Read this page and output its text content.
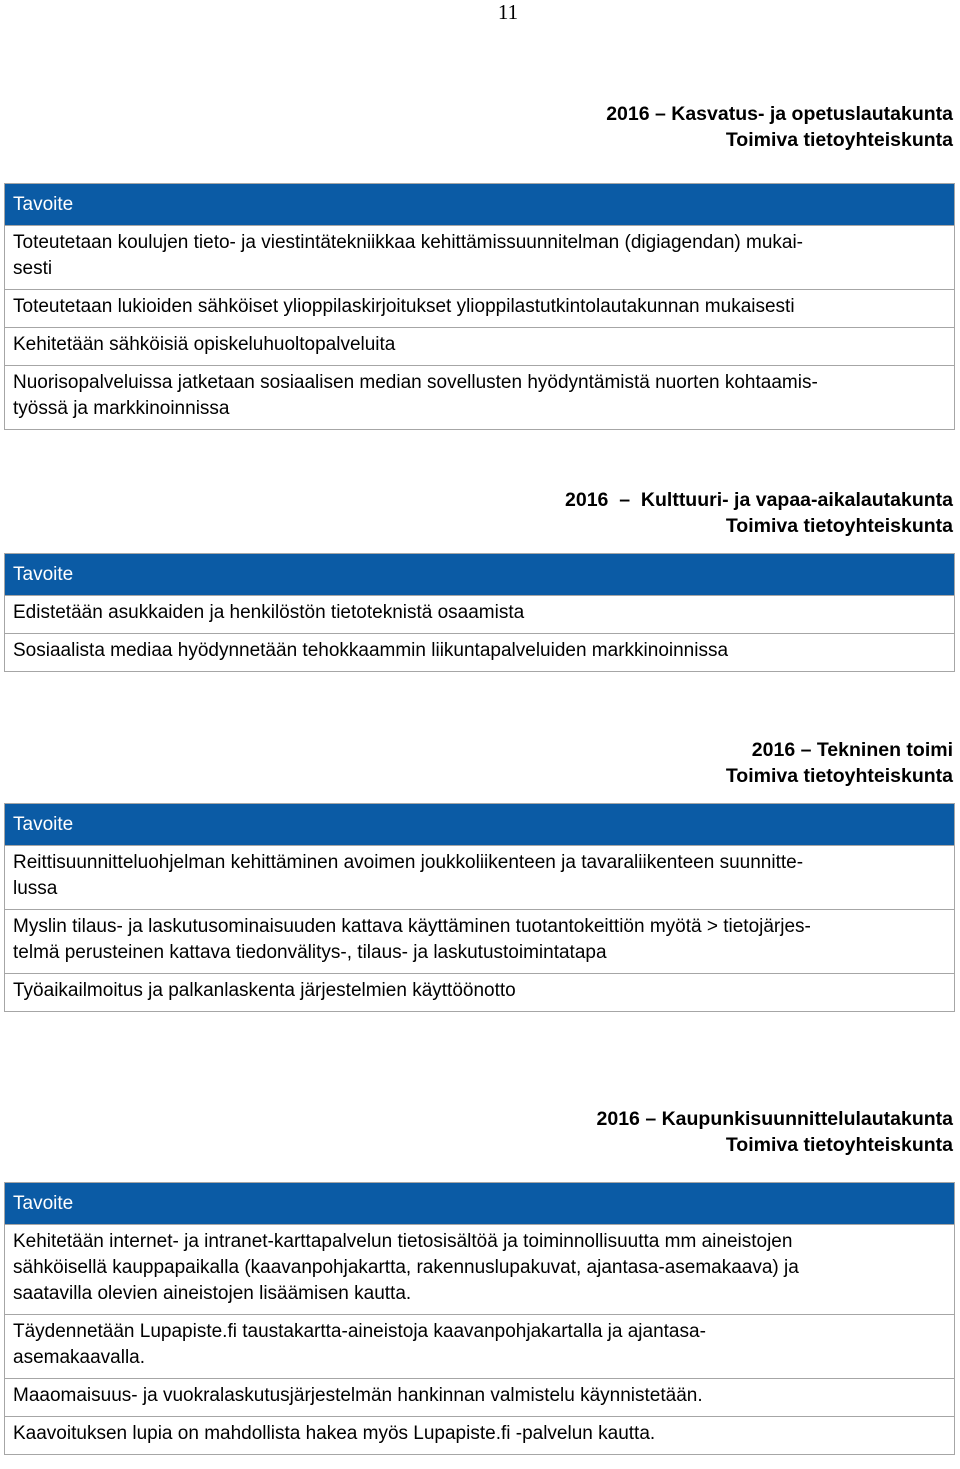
11
2016 – Kasvatus- ja opetuslautakunta
Toimiva tietoyhteiskunta
Tavoite
Toteutetaan koulujen tieto- ja viestintätekniikkaa kehittämissuunnitelman (digiagendan) mukai-
sesti
Toteutetaan lukioiden sähköiset ylioppilaskirjoitukset ylioppilastutkintolautakunnan mukaisesti
Kehitetään sähköisiä opiskeluhuoltopalveluita
Nuorisopalveluissa jatketaan sosiaalisen median sovellusten hyödyntämistä nuorten kohtaamis-
työssä ja markkinoinnissa
2016  –  Kulttuuri- ja vapaa-aikalautakunta
Toimiva tietoyhteiskunta
Tavoite
Edistetään asukkaiden ja henkilöstön tietoteknistä osaamista
Sosiaalista mediaa hyödynnetään tehokkaammin liikuntapalveluiden markkinoinnissa
2016 – Tekninen toimi
Toimiva tietoyhteiskunta
Tavoite
Reittisuunnitteluohjelman kehittäminen avoimen joukkoliikenteen ja tavaraliikenteen suunnitte-
lussa
Myslin tilaus- ja laskutusominaisuuden kattava käyttäminen tuotantokeittiön myötä > tietojärjes-
telmä perusteinen kattava tiedonvälitys-, tilaus- ja laskutustoimintatapa
Työaikailmoitus ja palkanlaskenta järjestelmien käyttöönotto
2016 – Kaupunkisuunnittelulautakunta
Toimiva tietoyhteiskunta
Tavoite
Kehitetään internet- ja intranet-karttapalvelun tietosisältöä ja toiminnollisuutta mm aineistojen
sähköisellä kauppapaikalla (kaavanpohjakartta, rakennuslupakuvat, ajantasa-asemakaava) ja
saatavilla olevien aineistojen lisäämisen kautta.
Täydennetään Lupapiste.fi taustakartta-aineistoja kaavanpohjakartalla ja ajantasa-
asemakaavalla.
Maaomaisuus- ja vuokralaskutusjärjestelmän hankinnan valmistelu käynnistetään.
Kaavoituksen lupia on mahdollista hakea myös Lupapiste.fi -palvelun kautta.
